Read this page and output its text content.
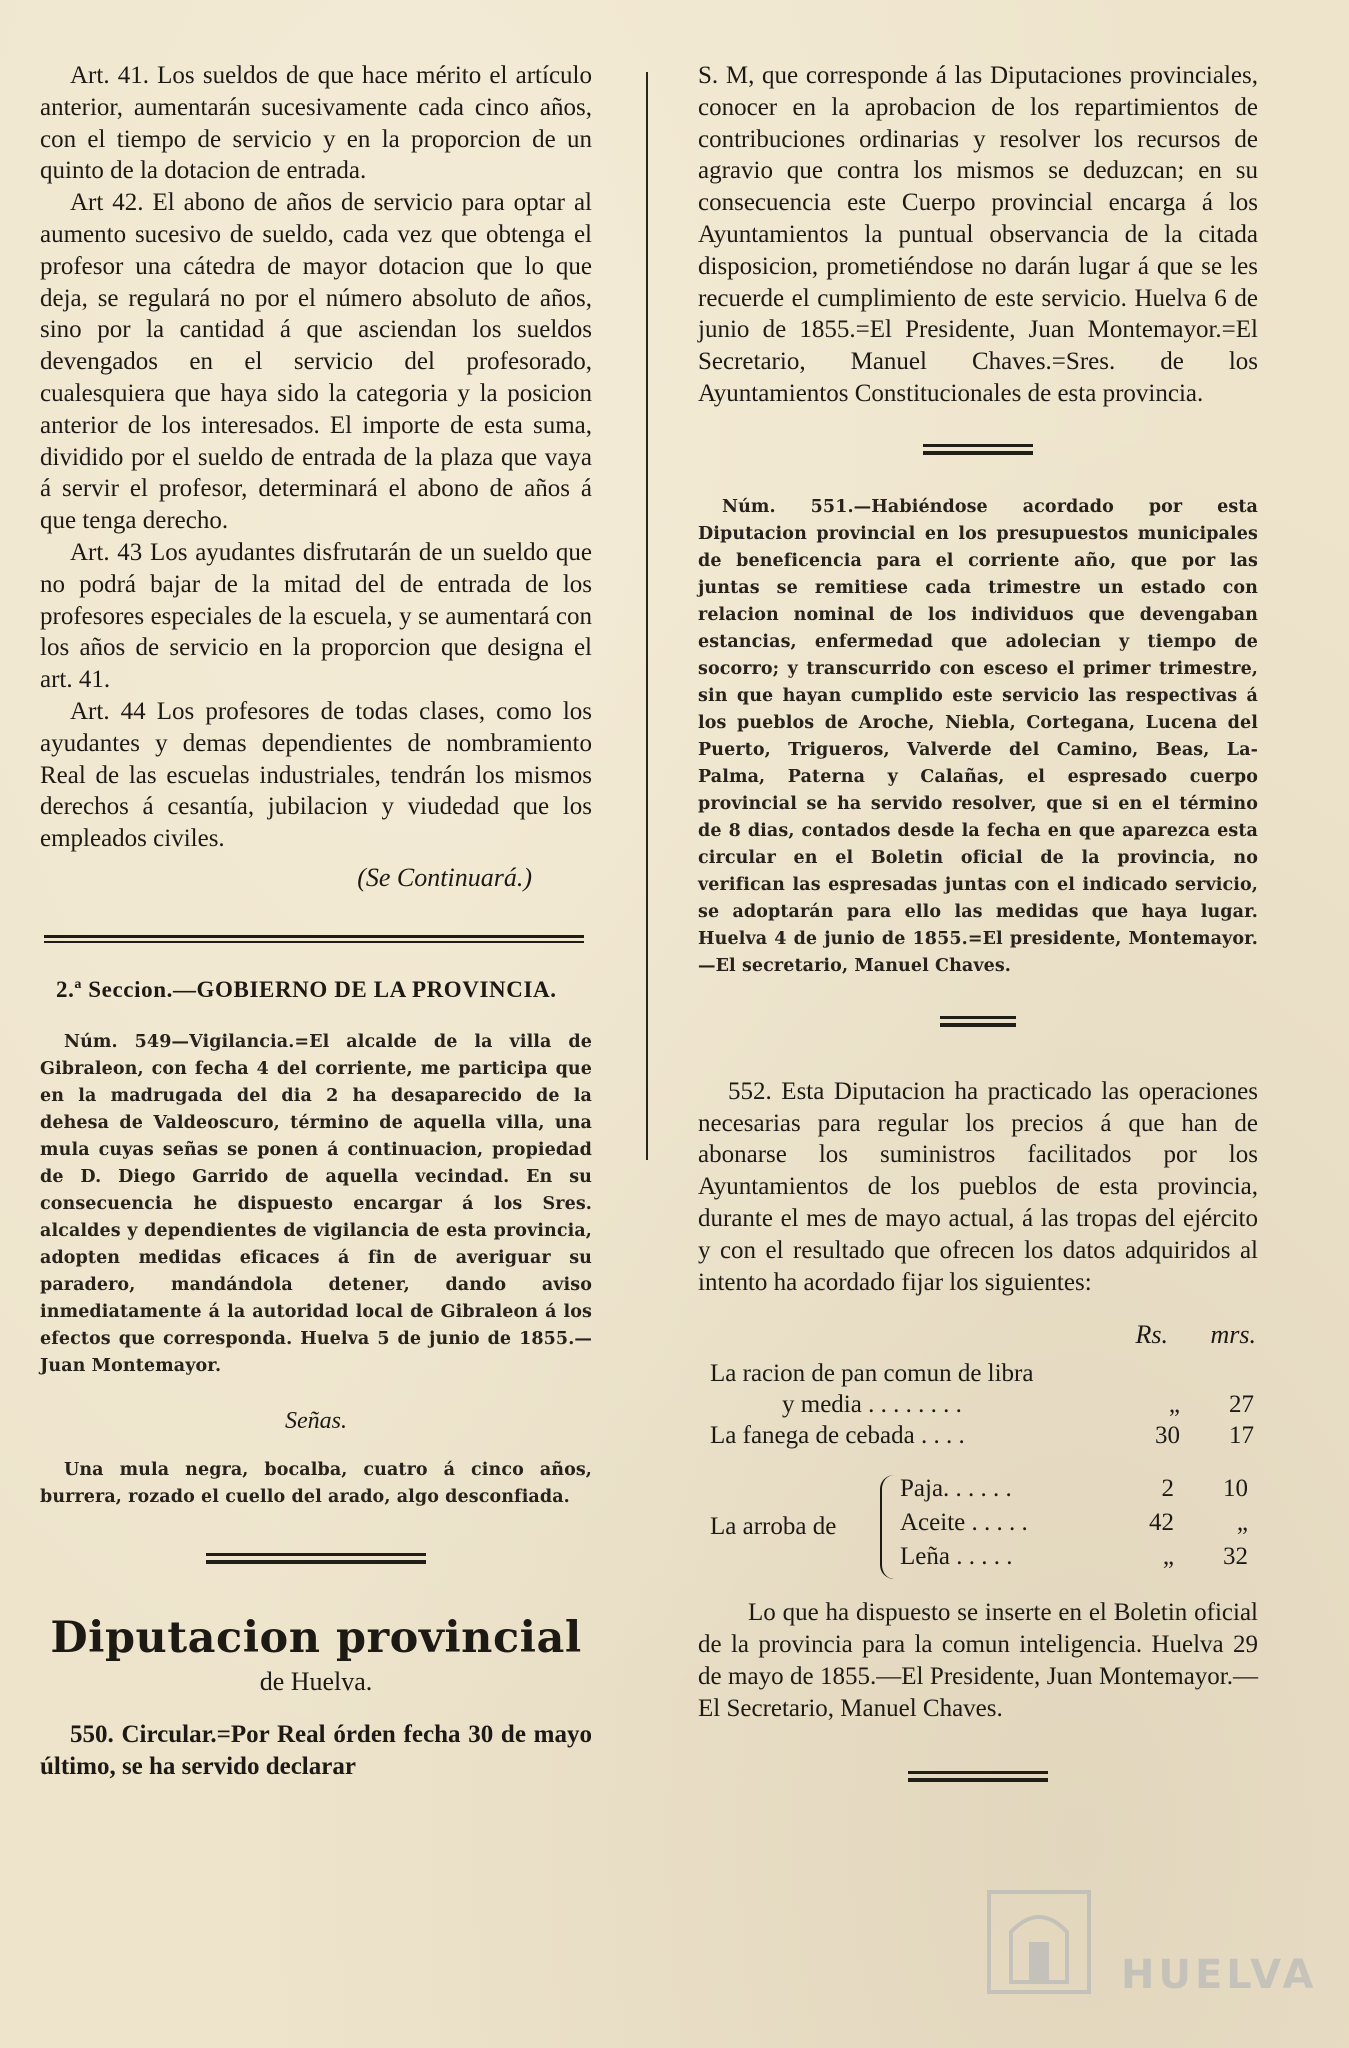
Art. 41. Los sueldos de que hace mérito el artículo anterior, aumentarán sucesivamente cada cinco años, con el tiempo de servicio y en la proporcion de un quinto de la dotacion de entrada.

Art 42. El abono de años de servicio para optar al aumento sucesivo de sueldo, cada vez que obtenga el profesor una cátedra de mayor dotacion que lo que deja, se regulará no por el número absoluto de años, sino por la cantidad á que asciendan los sueldos devengados en el servicio del profesorado, cualesquiera que haya sido la categoria y la posicion anterior de los interesados. El importe de esta suma, dividido por el sueldo de entrada de la plaza que vaya á servir el profesor, determinará el abono de años á que tenga derecho.

Art. 43 Los ayudantes disfrutarán de un sueldo que no podrá bajar de la mitad del de entrada de los profesores especiales de la escuela, y se aumentará con los años de servicio en la proporcion que designa el art. 41.

Art. 44 Los profesores de todas clases, como los ayudantes y demas dependientes de nombramiento Real de las escuelas industriales, tendrán los mismos derechos á cesantía, jubilacion y viudedad que los empleados civiles.

(Se Continuará.)
2.ª Seccion.—GOBIERNO DE LA PROVINCIA.

Núm. 549—Vigilancia.=El alcalde de la villa de Gibraleon, con fecha 4 del corriente, me participa que en la madrugada del dia 2 ha desaparecido de la dehesa de Valdeoscuro, término de aquella villa, una mula cuyas señas se ponen á continuacion, propiedad de D. Diego Garrido de aquella vecindad. En su consecuencia he dispuesto encargar á los Sres. alcaldes y dependientes de vigilancia de esta provincia, adopten medidas eficaces á fin de averiguar su paradero, mandándola detener, dando aviso inmediatamente á la autoridad local de Gibraleon á los efectos que corresponda. Huelva 5 de junio de 1855.—Juan Montemayor.

Señas.

Una mula negra, bocalba, cuatro á cinco años, burrera, rozado el cuello del arado, algo desconfiada.

Diputacion provincial
de Huelva.

550. Circular.=Por Real órden fecha 30 de mayo último, se ha servido declarar

S. M, que corresponde á las Diputaciones provinciales, conocer en la aprobacion de los repartimientos de contribuciones ordinarias y resolver los recursos de agravio que contra los mismos se deduzcan; en su consecuencia este Cuerpo provincial encarga á los Ayuntamientos la puntual observancia de la citada disposicion, prometiéndose no darán lugar á que se les recuerde el cumplimiento de este servicio. Huelva 6 de junio de 1855.=El Presidente, Juan Montemayor.=El Secretario, Manuel Chaves.=Sres. de los Ayuntamientos Constitucionales de esta provincia.

Núm. 551.—Habiéndose acordado por esta Diputacion provincial en los presupuestos municipales de beneficencia para el corriente año, que por las juntas se remitiese cada trimestre un estado con relacion nominal de los individuos que devengaban estancias, enfermedad que adolecian y tiempo de socorro; y transcurrido con esceso el primer trimestre, sin que hayan cumplido este servicio las respectivas á los pueblos de Aroche, Niebla, Cortegana, Lucena del Puerto, Trigueros, Valverde del Camino, Beas, La-Palma, Paterna y Calañas, el espresado cuerpo provincial se ha servido resolver, que si en el término de 8 dias, contados desde la fecha en que aparezca esta circular en el Boletin oficial de la provincia, no verifican las espresadas juntas con el indicado servicio, se adoptarán para ello las medidas que haya lugar. Huelva 4 de junio de 1855.=El presidente, Montemayor.—El secretario, Manuel Chaves.

552. Esta Diputacion ha practicado las operaciones necesarias para regular los precios á que han de abonarse los suministros facilitados por los Ayuntamientos de los pueblos de esta provincia, durante el mes de mayo actual, á las tropas del ejército y con el resultado que ofrecen los datos adquiridos al intento ha acordado fijar los siguientes:

Rs. mrs.
La racion de pan comun de libra
y media . . . . . . . .	„ 27
La fanega de cebada . . . .	30 17
La arroba de
Paja. . . . . .	2 10
Aceite . . . . .	42	„
Leña . . . . .	„ 32

Lo que ha dispuesto se inserte en el Boletin oficial de la provincia para la comun inteligencia. Huelva 29 de mayo de 1855.—El Presidente, Juan Montemayor.—El Secretario, Manuel Chaves.

HUELVA
